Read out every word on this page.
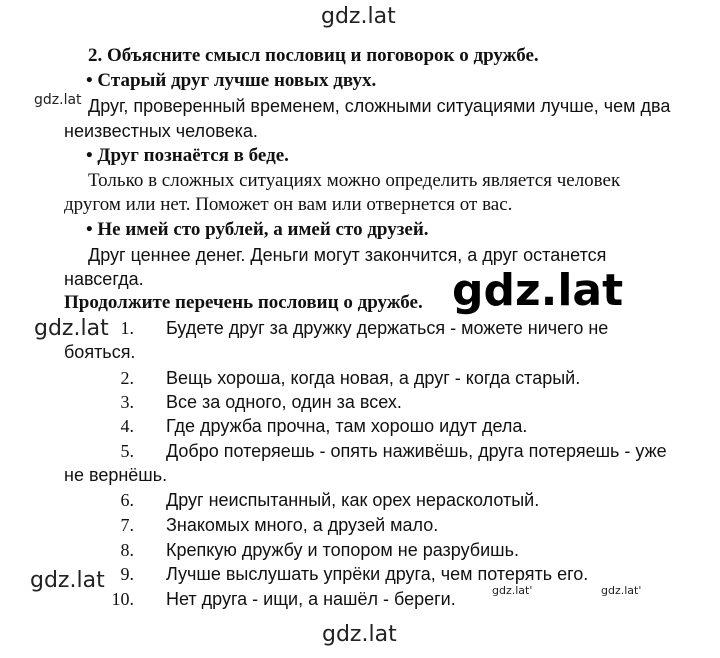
gdz.lat
gdz.lat
gdz.lat
gdz.lat
gdz.lat	gdz.lat'	gdz.lat'
gdz.lat
2. Объясните смысл пословиц и поговорок о дружбе.
• Старый друг лучше новых двух.
Друг, проверенный временем, сложными ситуациями лучше, чем два
неизвестных человека.
• Друг познаётся в беде.
Только в сложных ситуациях можно определить является человек
другом или нет. Поможет он вам или отвернется от вас.
• Не имей сто рублей, а имей сто друзей.
Друг ценнее денег. Деньги могут закончится, а друг останется
навсегда.
Продолжите перечень пословиц о дружбе.
1. Будете друг за дружку держаться - можете ничего не
бояться.
2. Вещь хороша, когда новая, а друг - когда старый.
3. Все за одного, один за всех.
4. Где дружба прочна, там хорошо идут дела.
5. Добро потеряешь - опять наживёшь, друга потеряешь - уже
не вернёшь.
6. Друг неиспытанный, как орех нерасколотый.
7. Знакомых много, а друзей мало.
8. Крепкую дружбу и топором не разрубишь.
9. Лучше выслушать упрёки друга, чем потерять его.
10. Нет друга - ищи, а нашёл - береги.
